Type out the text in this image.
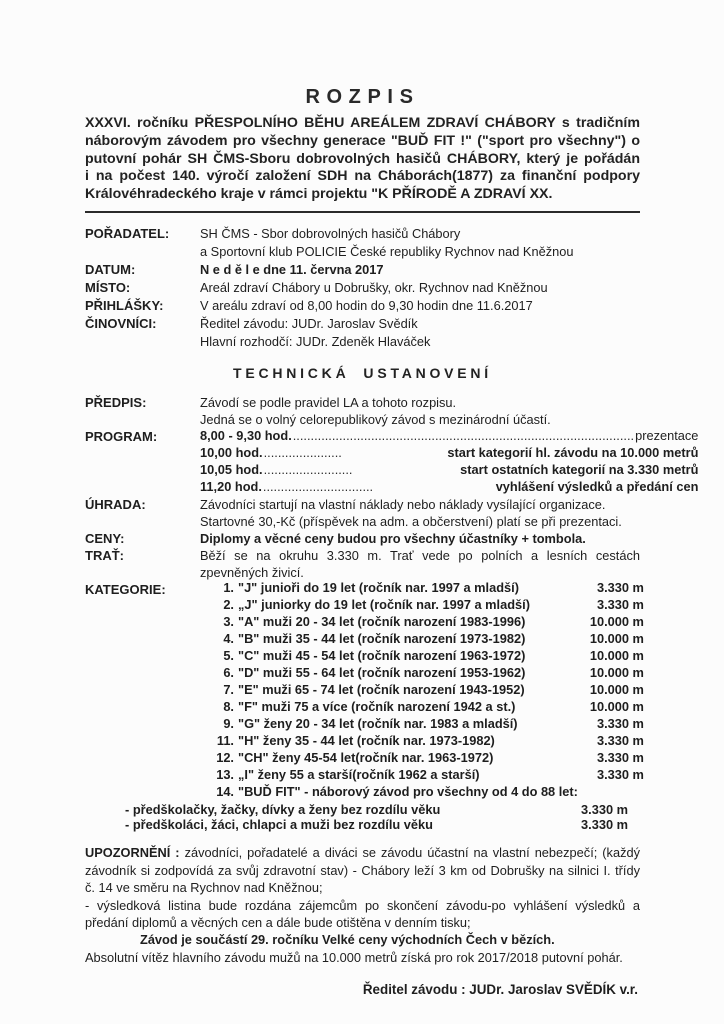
ROZPIS
XXXVI. ročníku PŘESPOLNÍHO BĚHU AREÁLEM ZDRAVÍ CHÁBORY s tradičním
náborovým závodem pro všechny generace "BUĎ FIT !" ("sport pro všechny") o
putovní pohár SH ČMS-Sboru dobrovolných hasičů CHÁBORY, který je pořádán
i na počest 140. výročí založení SDH na Cháborách(1877) za finanční podpory
Královéhradeckého kraje v rámci projektu "K PŘÍRODĚ A ZDRAVÍ XX.
POŘADATEL:	SH ČMS - Sbor dobrovolných hasičů Chábory
a Sportovní klub POLICIE České republiky Rychnov nad Kněžnou
DATUM:	N e d ě l e dne 11. června 2017
MÍSTO:	Areál zdraví Chábory u Dobrušky, okr. Rychnov nad Kněžnou
PŘIHLÁŠKY:	V areálu zdraví od 8,00 hodin do 9,30 hodin dne 11.6.2017
ČINOVNÍCI:	Ředitel závodu: JUDr. Jaroslav Svědík
Hlavní rozhodčí: JUDr. Zdeněk Hlaváček
TECHNICKÁ USTANOVENÍ
PŘEDPIS:	Závodí se podle pravidel LA a tohoto rozpisu.
Jedná se o volný celorepublikový závod s mezinárodní účastí.
PROGRAM:	8,00 - 9,30 hod. ................................................................................................ prezentace
10,00 hod. ......................	start kategorií hl. závodu na 10.000 metrů
10,05 hod. .........................	start ostatních kategorií na 3.330 metrů
11,20 hod. ...............................	vyhlášení výsledků a předání cen
ÚHRADA:	Závodníci startují na vlastní náklady nebo náklady vysílající organizace.
Startovné 30,-Kč (příspěvek na adm. a občerstvení) platí se při prezentaci.
CENY:	Diplomy a věcné ceny budou pro všechny účastníky + tombola.
TRAŤ:	Běží se na okruhu 3.330 m. Trať vede po polních a lesních cestách
zpevněných živicí.
KATEGORIE:	1. "J" junioři do 19 let (ročník nar. 1997 a mladší)	3.330 m
2. „J" juniorky do 19 let (ročník nar. 1997 a mladší)	3.330 m
3. "A" muži 20 - 34 let (ročník narození 1983-1996)	10.000 m
4. "B" muži 35 - 44 let (ročník narození 1973-1982)	10.000 m
5. "C" muži 45 - 54 let (ročník narození 1963-1972)	10.000 m
6. "D" muži 55 - 64 let (ročník narození 1953-1962)	10.000 m
7. "E" muži 65 - 74 let (ročník narození 1943-1952)	10.000 m
8. "F" muži 75 a více (ročník narození 1942 a st.)	10.000 m
9. "G" ženy 20 - 34 let (ročník nar. 1983 a mladší)	3.330 m
11. "H" ženy 35 - 44 let (ročník nar. 1973-1982)	3.330 m
12. "CH" ženy 45-54 let(ročník nar. 1963-1972)	3.330 m
13. „I" ženy 55 a starší(ročník 1962 a starší)	3.330 m
14. "BUĎ FIT" - náborový závod pro všechny od 4 do 88 let:
- předškolačky, žačky, dívky a ženy bez rozdílu věku	3.330 m
- předškoláci, žáci, chlapci a muži bez rozdílu věku	3.330 m
UPOZORNĚNÍ : závodníci, pořadatelé a diváci se závodu účastní na vlastní nebezpečí; (každý
závodník si zodpovídá za svůj zdravotní stav) - Chábory leží 3 km od Dobrušky na silnici I. třídy
č. 14 ve směru na Rychnov nad Kněžnou;
- výsledková listina bude rozdána zájemcům po skončení závodu-po vyhlášení výsledků a
předání diplomů a věcných cen a dále bude otištěna v denním tisku;
Závod je součástí 29. ročníku Velké ceny východních Čech v bězích.
Absolutní vítěz hlavního závodu mužů na 10.000 metrů získá pro rok 2017/2018 putovní pohár.
Ředitel závodu : JUDr. Jaroslav SVĚDÍK v.r.
